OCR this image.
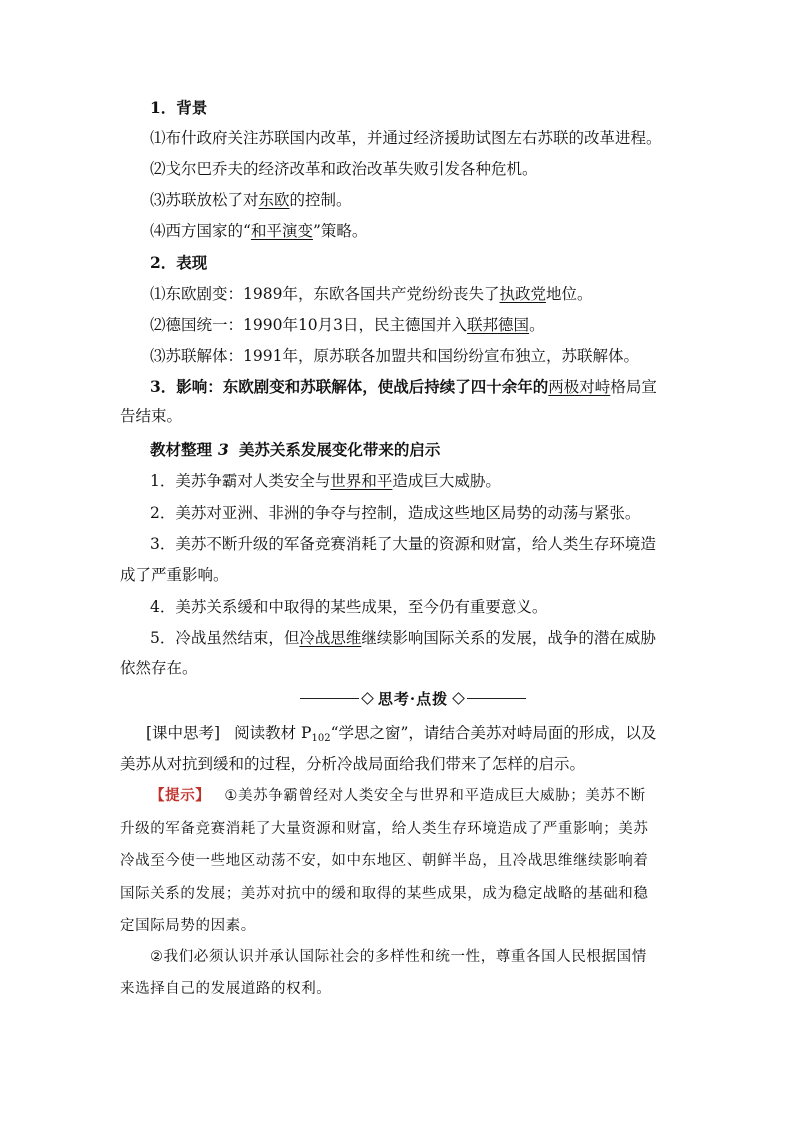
1．背景
⑴布什政府关注苏联国内改革，并通过经济援助试图左右苏联的改革进程。
⑵戈尔巴乔夫的经济改革和政治改革失败引发各种危机。
⑶苏联放松了对东欧的控制。
⑷西方国家的“和平演变”策略。
2．表现
⑴东欧剧变：1989年，东欧各国共产党纷纷丧失了执政党地位。
⑵德国统一：1990年10月3日，民主德国并入联邦德国。
⑶苏联解体：1991年，原苏联各加盟共和国纷纷宣布独立，苏联解体。
3．影响：东欧剧变和苏联解体，使战后持续了四十余年的两极对峙格局宣
告结束。
教材整理 3 美苏关系发展变化带来的启示
1．美苏争霸对人类安全与世界和平造成巨大威胁。
2．美苏对亚洲、非洲的争夺与控制，造成这些地区局势的动荡与紧张。
3．美苏不断升级的军备竞赛消耗了大量的资源和财富，给人类生存环境造
成了严重影响。
4．美苏关系缓和中取得的某些成果，至今仍有重要意义。
5．冷战虽然结束，但冷战思维继续影响国际关系的发展，战争的潜在威胁
依然存在。
思考·点拨
[课中思考] 阅读教材 $P_{102}“$学思之窗”，请结合美苏对峙局面的形成，以及
美苏从对抗到缓和的过程，分析冷战局面给我们带来了怎样的启示。
【提示】 ①美苏争霸曾经对人类安全与世界和平造成巨大威胁；美苏不断
升级的军备竞赛消耗了大量资源和财富，给人类生存环境造成了严重影响；美苏
冷战至今使一些地区动荡不安，如中东地区、朝鲜半岛，且冷战思维继续影响着
国际关系的发展；美苏对抗中的缓和取得的某些成果，成为稳定战略的基础和稳
定国际局势的因素。
②我们必须认识并承认国际社会的多样性和统一性，尊重各国人民根据国情
来选择自己的发展道路的权利。
